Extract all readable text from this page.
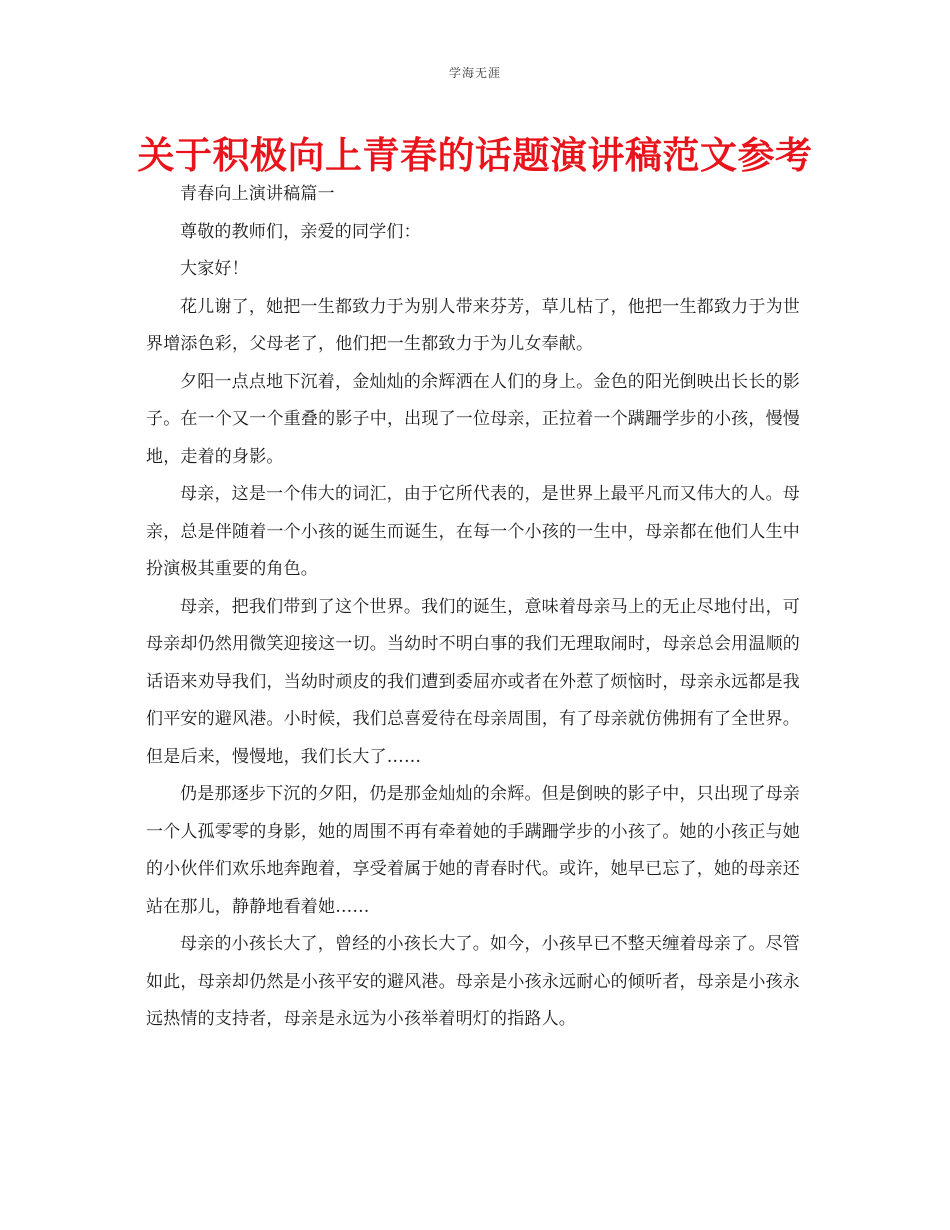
学海无涯
关于积极向上青春的话题演讲稿范文参考

青春向上演讲稿篇一

尊敬的教师们，亲爱的同学们：

大家好！

花儿谢了，她把一生都致力于为别人带来芬芳，草儿枯了，他把一生都致力于为世界增添色彩，父母老了，他们把一生都致力于为儿女奉献。

夕阳一点点地下沉着，金灿灿的余辉洒在人们的身上。金色的阳光倒映出长长的影子。在一个又一个重叠的影子中，出现了一位母亲，正拉着一个蹒跚学步的小孩，慢慢地，走着的身影。

母亲，这是一个伟大的词汇，由于它所代表的，是世界上最平凡而又伟大的人。母亲，总是伴随着一个小孩的诞生而诞生，在每一个小孩的一生中，母亲都在他们人生中扮演极其重要的角色。

母亲，把我们带到了这个世界。我们的诞生，意味着母亲马上的无止尽地付出，可母亲却仍然用微笑迎接这一切。当幼时不明白事的我们无理取闹时，母亲总会用温顺的话语来劝导我们，当幼时顽皮的我们遭到委屈亦或者在外惹了烦恼时，母亲永远都是我们平安的避风港。小时候，我们总喜爱待在母亲周围，有了母亲就仿佛拥有了全世界。但是后来，慢慢地，我们长大了……

仍是那逐步下沉的夕阳，仍是那金灿灿的余辉。但是倒映的影子中，只出现了母亲一个人孤零零的身影，她的周围不再有牵着她的手蹒跚学步的小孩了。她的小孩正与她的小伙伴们欢乐地奔跑着，享受着属于她的青春时代。或许，她早已忘了，她的母亲还站在那儿，静静地看着她……

母亲的小孩长大了，曾经的小孩长大了。如今，小孩早已不整天缠着母亲了。尽管如此，母亲却仍然是小孩平安的避风港。母亲是小孩永远耐心的倾听者，母亲是小孩永远热情的支持者，母亲是永远为小孩举着明灯的指路人。
